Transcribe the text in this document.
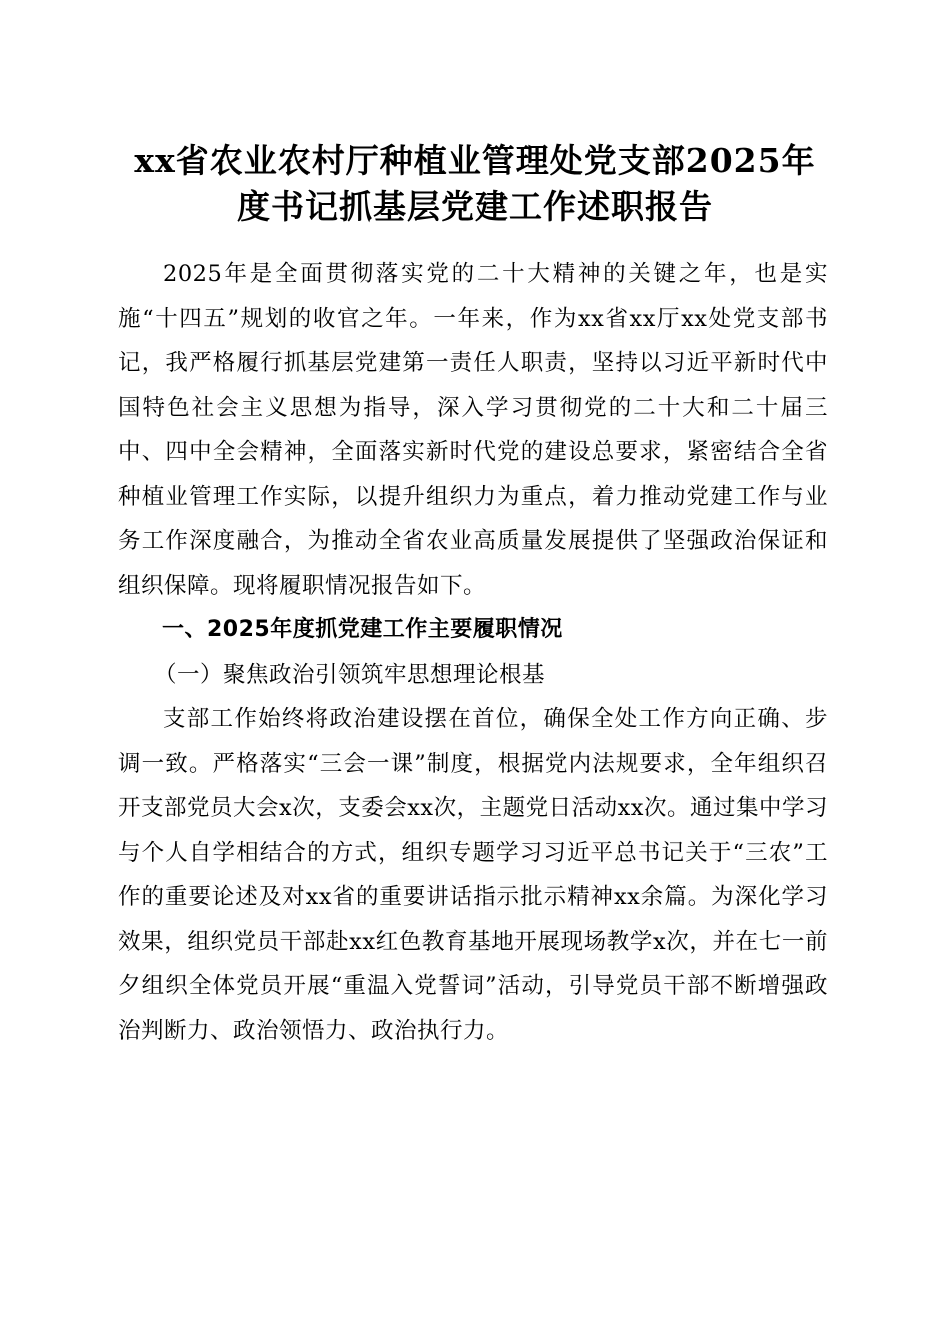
xx省农业农村厅种植业管理处党支部2025年
度书记抓基层党建工作述职报告

2025年是全面贯彻落实党的二十大精神的关键之年，也是实施“十四五”规划的收官之年。一年来，作为xx省xx厅xx处党支部书记，我严格履行抓基层党建第一责任人职责，坚持以习近平新时代中国特色社会主义思想为指导，深入学习贯彻党的二十大和二十届三中、四中全会精神，全面落实新时代党的建设总要求，紧密结合全省种植业管理工作实际，以提升组织力为重点，着力推动党建工作与业务工作深度融合，为推动全省农业高质量发展提供了坚强政治保证和组织保障。现将履职情况报告如下。

一、2025年度抓党建工作主要履职情况

（一）聚焦政治引领筑牢思想理论根基

支部工作始终将政治建设摆在首位，确保全处工作方向正确、步调一致。严格落实“三会一课”制度，根据党内法规要求，全年组织召开支部党员大会x次，支委会xx次，主题党日活动xx次。通过集中学习与个人自学相结合的方式，组织专题学习习近平总书记关于“三农”工作的重要论述及对xx省的重要讲话指示批示精神xx余篇。为深化学习效果，组织党员干部赴xx红色教育基地开展现场教学x次，并在七一前夕组织全体党员开展“重温入党誓词”活动，引导党员干部不断增强政治判断力、政治领悟力、政治执行力。
